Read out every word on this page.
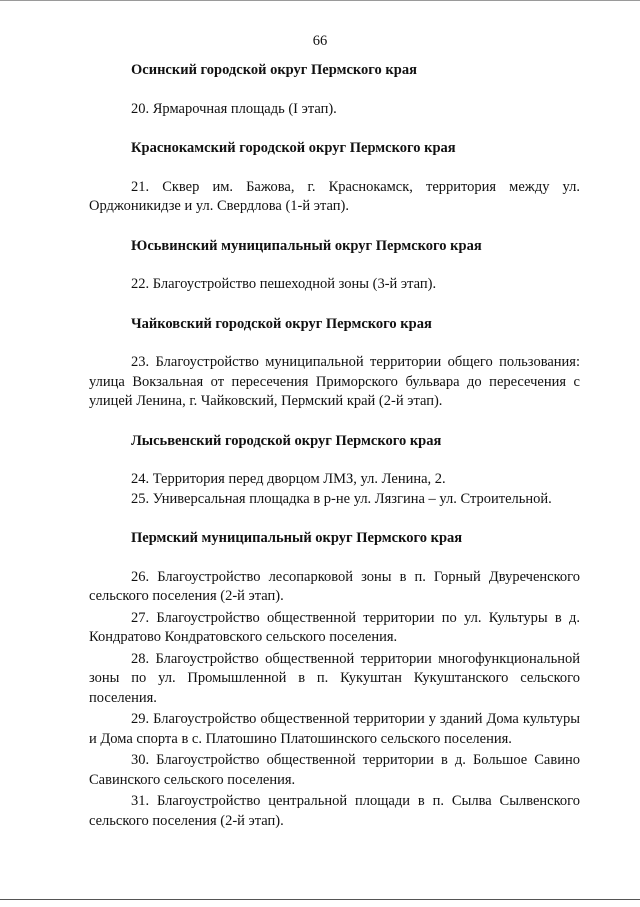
66

Осинский городской округ Пермского края

20. Ярмарочная площадь (I этап).

Краснокамский городской округ Пермского края

21. Сквер им. Бажова, г. Краснокамск, территория между ул. Орджоникидзе и ул. Свердлова (1-й этап).

Юсьвинский муниципальный округ Пермского края

22. Благоустройство пешеходной зоны (3-й этап).

Чайковский городской округ Пермского края

23. Благоустройство муниципальной территории общего пользования: улица Вокзальная от пересечения Приморского бульвара до пересечения с улицей Ленина, г. Чайковский, Пермский край (2-й этап).

Лысьвенский городской округ Пермского края

24. Территория перед дворцом ЛМЗ, ул. Ленина, 2.

25. Универсальная площадка в р-не ул. Лязгина – ул. Строительной.

Пермский муниципальный округ Пермского края

26. Благоустройство лесопарковой зоны в п. Горный Двуреченского сельского поселения (2-й этап).

27. Благоустройство общественной территории по ул. Культуры в д. Кондратово Кондратовского сельского поселения.

28. Благоустройство общественной территории многофункциональной зоны по ул. Промышленной в п. Кукуштан Кукуштанского сельского поселения.

29. Благоустройство общественной территории у зданий Дома культуры и Дома спорта в с. Платошино Платошинского сельского поселения.

30. Благоустройство общественной территории в д. Большое Савино Савинского сельского поселения.

31. Благоустройство центральной площади в п. Сылва Сылвенского сельского поселения (2-й этап).
